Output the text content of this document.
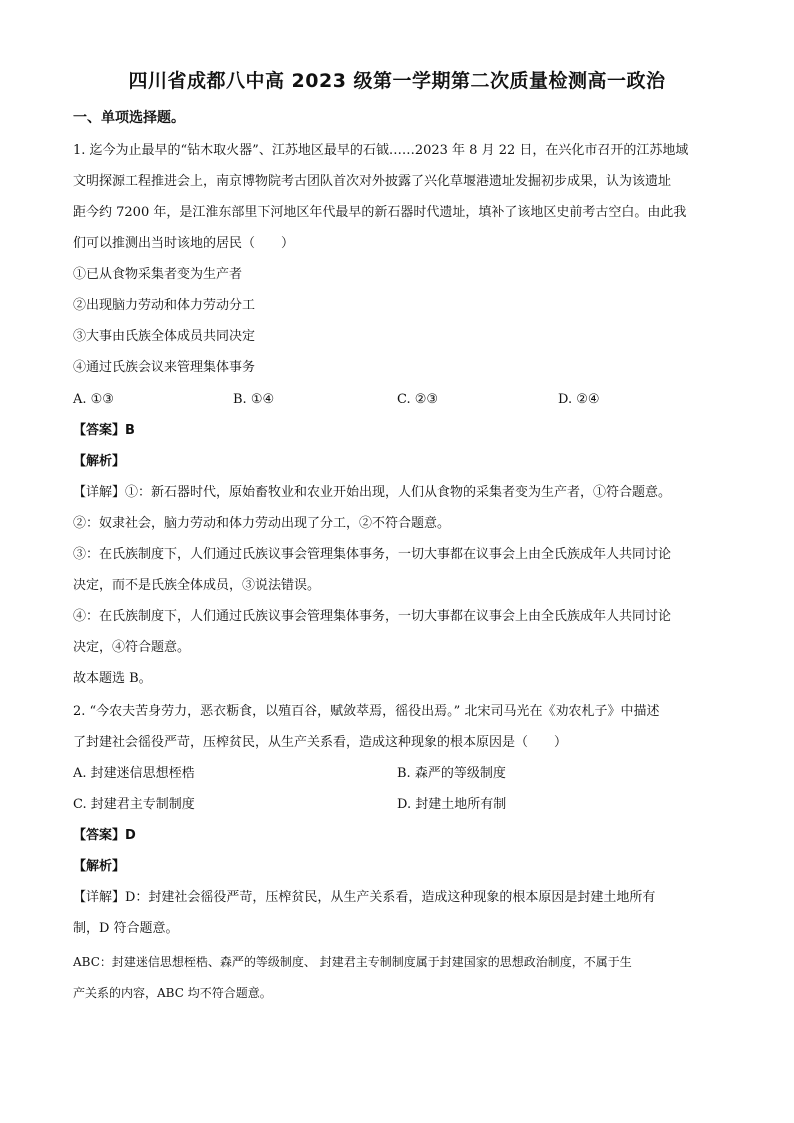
四川省成都八中高 2023 级第一学期第二次质量检测高一政治
一、单项选择题。
1. 迄今为止最早的“钻木取火器”、江苏地区最早的石钺……2023 年 8 月 22 日，在兴化市召开的江苏地域
文明探源工程推进会上，南京博物院考古团队首次对外披露了兴化草堰港遗址发掘初步成果，认为该遗址
距今约 7200 年，是江淮东部里下河地区年代最早的新石器时代遗址，填补了该地区史前考古空白。由此我
们可以推测出当时该地的居民（　　）
①已从食物采集者变为生产者
②出现脑力劳动和体力劳动分工
③大事由氏族全体成员共同决定
④通过氏族会议来管理集体事务
A. ①③	B. ①④	C. ②③	D. ②④
【答案】B
【解析】
【详解】①：新石器时代，原始畜牧业和农业开始出现，人们从食物的采集者变为生产者，①符合题意。
②：奴隶社会，脑力劳动和体力劳动出现了分工，②不符合题意。
③：在氏族制度下，人们通过氏族议事会管理集体事务，一切大事都在议事会上由全氏族成年人共同讨论
决定，而不是氏族全体成员，③说法错误。
④：在氏族制度下，人们通过氏族议事会管理集体事务，一切大事都在议事会上由全氏族成年人共同讨论
决定，④符合题意。
故本题选 B。
2. “今农夫苦身劳力，恶衣粝食，以殖百谷，赋敛萃焉，徭役出焉。” 北宋司马光在《劝农札子》中描述
了封建社会徭役严苛，压榨贫民，从生产关系看，造成这种现象的根本原因是（　　）
A. 封建迷信思想桎梏	B. 森严的等级制度
C. 封建君主专制制度	D. 封建土地所有制
【答案】D
【解析】
【详解】D：封建社会徭役严苛，压榨贫民，从生产关系看，造成这种现象的根本原因是封建土地所有
制，D 符合题意。
ABC：封建迷信思想桎梏、森严的等级制度、 封建君主专制制度属于封建国家的思想政治制度，不属于生
产关系的内容，ABC 均不符合题意。
